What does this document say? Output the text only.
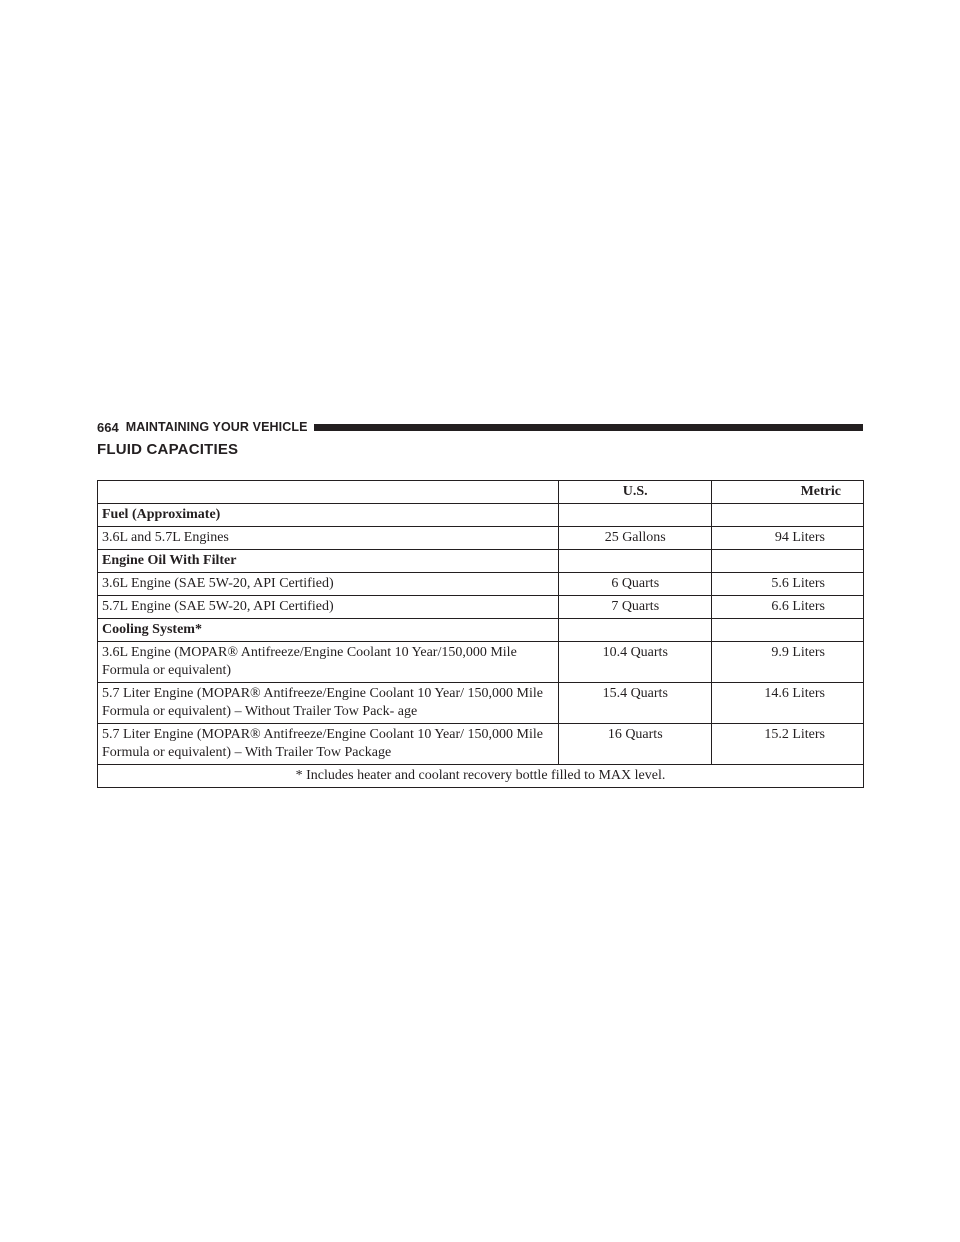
664 MAINTAINING YOUR VEHICLE
FLUID CAPACITIES
	U.S.	Metric
Fuel (Approximate)		
3.6L and 5.7L Engines	25 Gallons	94 Liters
Engine Oil With Filter		
3.6L Engine (SAE 5W-20, API Certified)	6 Quarts	5.6 Liters
5.7L Engine (SAE 5W-20, API Certified)	7 Quarts	6.6 Liters
Cooling System*		
3.6L Engine (MOPAR® Antifreeze/Engine Coolant 10 Year/150,000 Mile Formula or equivalent)	10.4 Quarts	9.9 Liters
5.7 Liter Engine (MOPAR® Antifreeze/Engine Coolant 10 Year/ 150,000 Mile Formula or equivalent) – Without Trailer Tow Pack- age	15.4 Quarts	14.6 Liters
5.7 Liter Engine (MOPAR® Antifreeze/Engine Coolant 10 Year/ 150,000 Mile Formula or equivalent) – With Trailer Tow Package	16 Quarts	15.2 Liters
* Includes heater and coolant recovery bottle filled to MAX level.		
